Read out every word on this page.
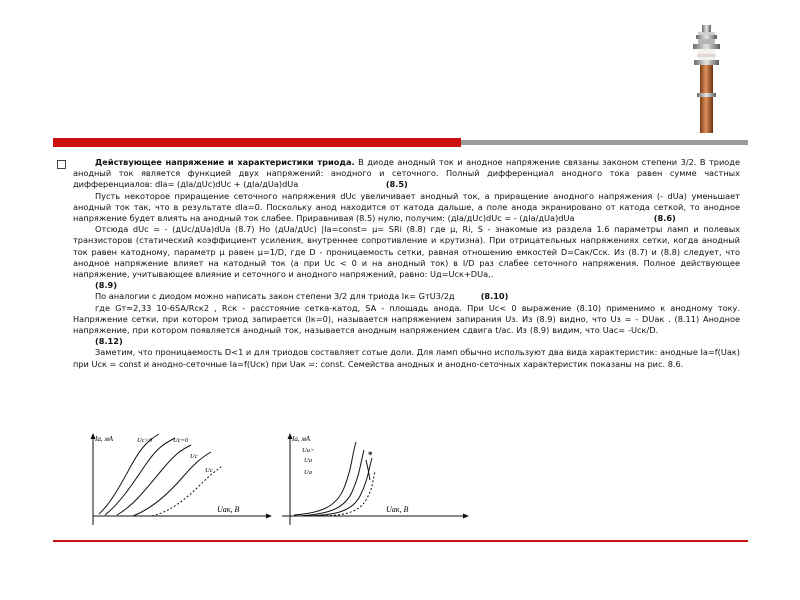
Действующее напряжение и характеристики триода. В диоде анодный ток и анодное напряжение связаны законом степени 3/2. В триоде анодный ток является функцией двух напряжений: анодного и сеточного. Полный дифференциал анодного тока равен сумме частных дифференциалов: dIa= (дIa/дUc)dUc + (дIa/дUa)dUa        	(8.5)

Пусть некоторое приращение сеточного напряжения dUc увеличивает анодный ток, а приращение анодного напряжения (- dUa) уменьшает анодный ток так, что в результате dIa=0. Поскольку анод находится от катода дальше, а поле анода экранировано от катода сеткой, то анодное напряжение будет влиять на анодный ток слабее. Приравнивая (8.5) нулю, получим: (дIa/дUc)dUc = - (дIa/дUa)dUa       	(8.6)

Отсюда dUc = - (дUc/дUa)dUa (8.7) Но (дUa/дUc) |Ia=const= μ= SRi (8.8) где μ, Ri, S - знакомые из раздела 1.6 параметры ламп и полевых транзисторов (статический коэффициент усиления, внутреннее сопротивление и крутизна). При отрицательных напряжениях сетки, когда анодный ток равен катодному, параметр μ равен μ=1/D, где D - проницаемость сетки, равная отношению емкостей D=Сак/Сск. Из (8.7) и (8.8) следует, что анодное напряжение влияет на катодный ток (а при Uc < 0 и на анодный ток) в I/D раз слабее сеточного напряжения. Полное действующее напряжение, учитывающее влияние и сеточного и анодного напряжений, равно: Uд=Uск+DUa,.
(8.9)

По аналогии с диодом можно написать закон степени 3/2 для триода Iк= GтU3/2д 	(8.10)

где Gт≈2,33 10-6SA/Rск2 , Rск - расстояние сетка-катод, SA - площадь анода. При Uc< 0 выражение (8.10) применимо к анодному току. Напряжение сетки, при котором триод запирается (Iк=0), называется напряжением запирания Uз. Из (8.9) видно, что Uз = - DUак . (8.11) Анодное напряжение, при котором появляется анодный ток, называется анодным напряжением сдвига t/ас. Из (8.9) видим, что Uас= -Uск/D.          (8.12)

Заметим, что проницаемость D<1 и для триодов составляет сотые доли. Для ламп обычно используют два вида характеристик: анодные Iа=f(Uак) при Uск = const и анодно-сеточные Iа=f(Uск) при Uак =: const. Семейства анодных и анодно-сеточных характеристик показаны на рис. 8.6.

Iа, мА
Uак, В
Uс>0	Uс=0
Uс
Uс
Iа, мА
Uак, В
Uа>
Uа
Uа
*
